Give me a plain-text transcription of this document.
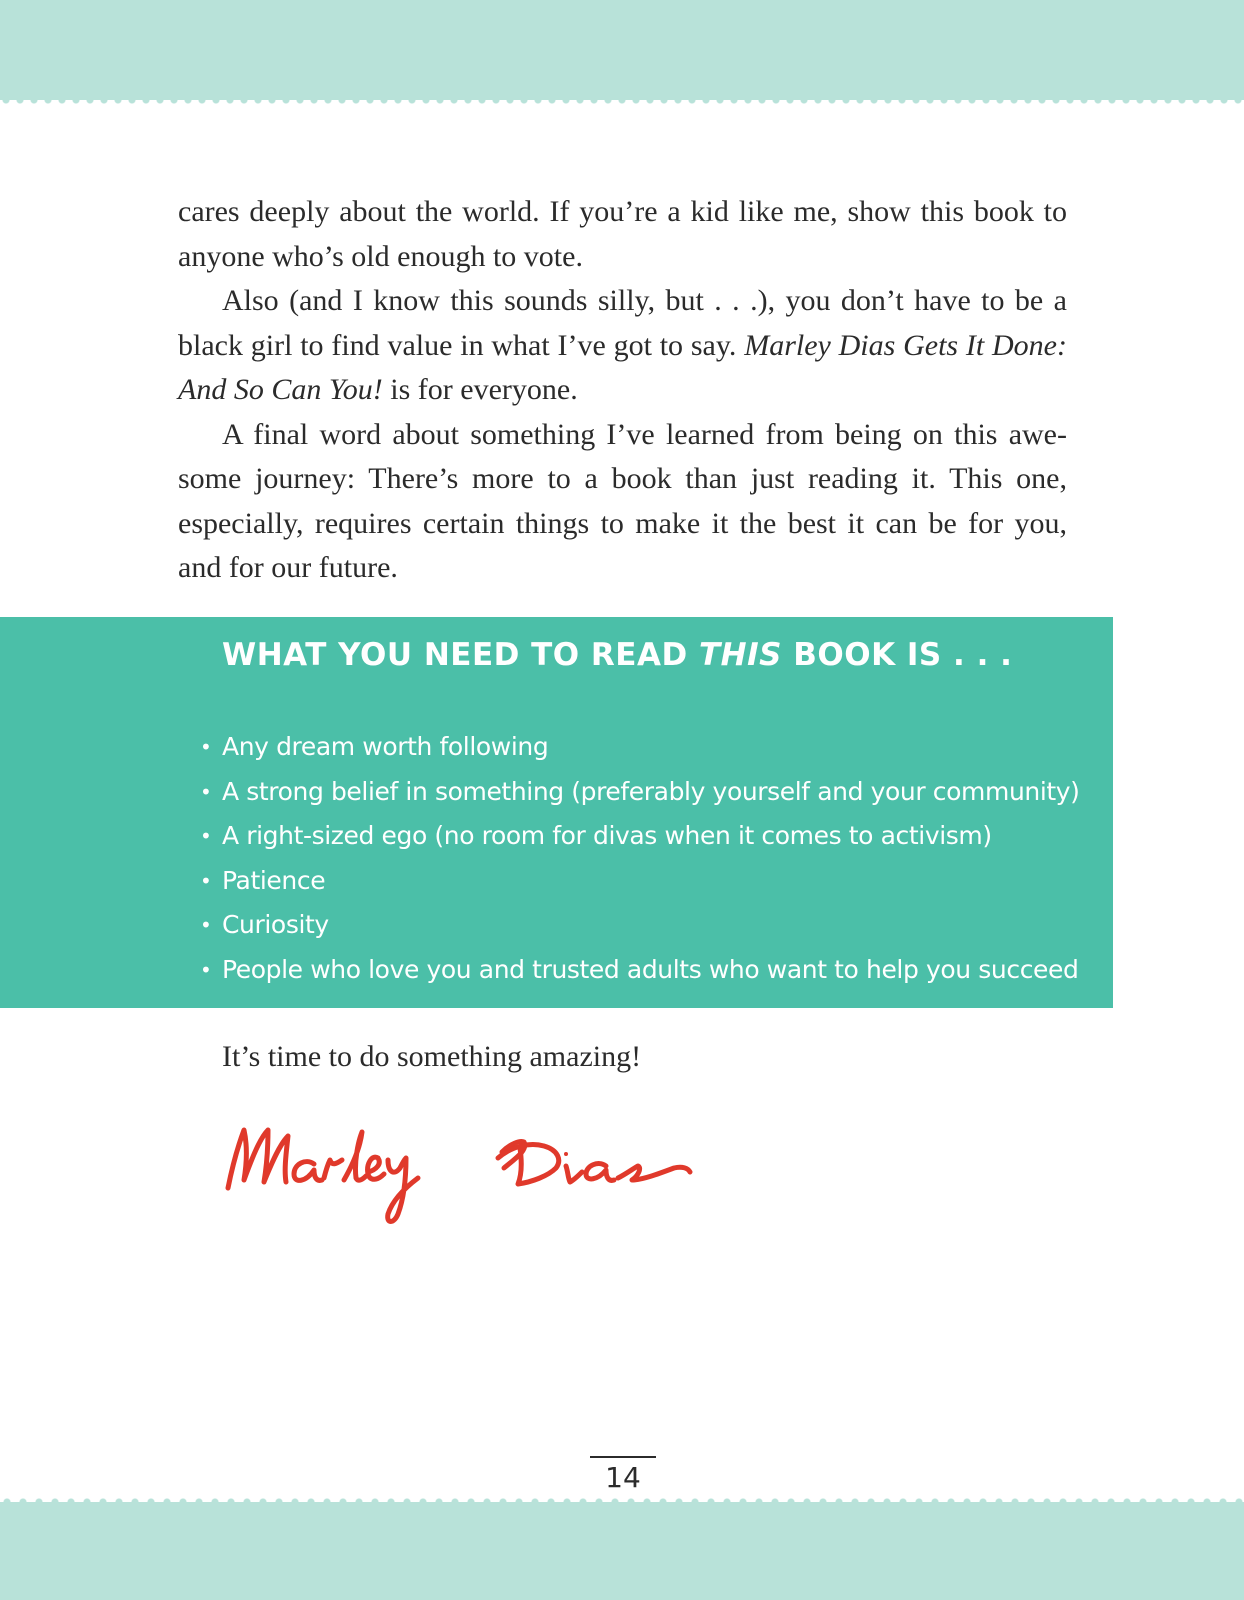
cares deeply about the world. If you’re a kid like me, show this book to anyone who’s old enough to vote.

Also (and I know this sounds silly, but . . .), you don’t have to be a black girl to find value in what I’ve got to say. Marley Dias Gets It Done: And So Can You! is for everyone.

A final word about something I’ve learned from being on this awesome journey: There’s more to a book than just reading it. This one, especially, requires certain things to make it the best it can be for you, and for our future.

WHAT YOU NEED TO READ THIS BOOK IS . . .
• Any dream worth following
• A strong belief in something (preferably yourself and your community)
• A right-sized ego (no room for divas when it comes to activism)
• Patience
• Curiosity
• People who love you and trusted adults who want to help you succeed

It’s time to do something amazing!

14
